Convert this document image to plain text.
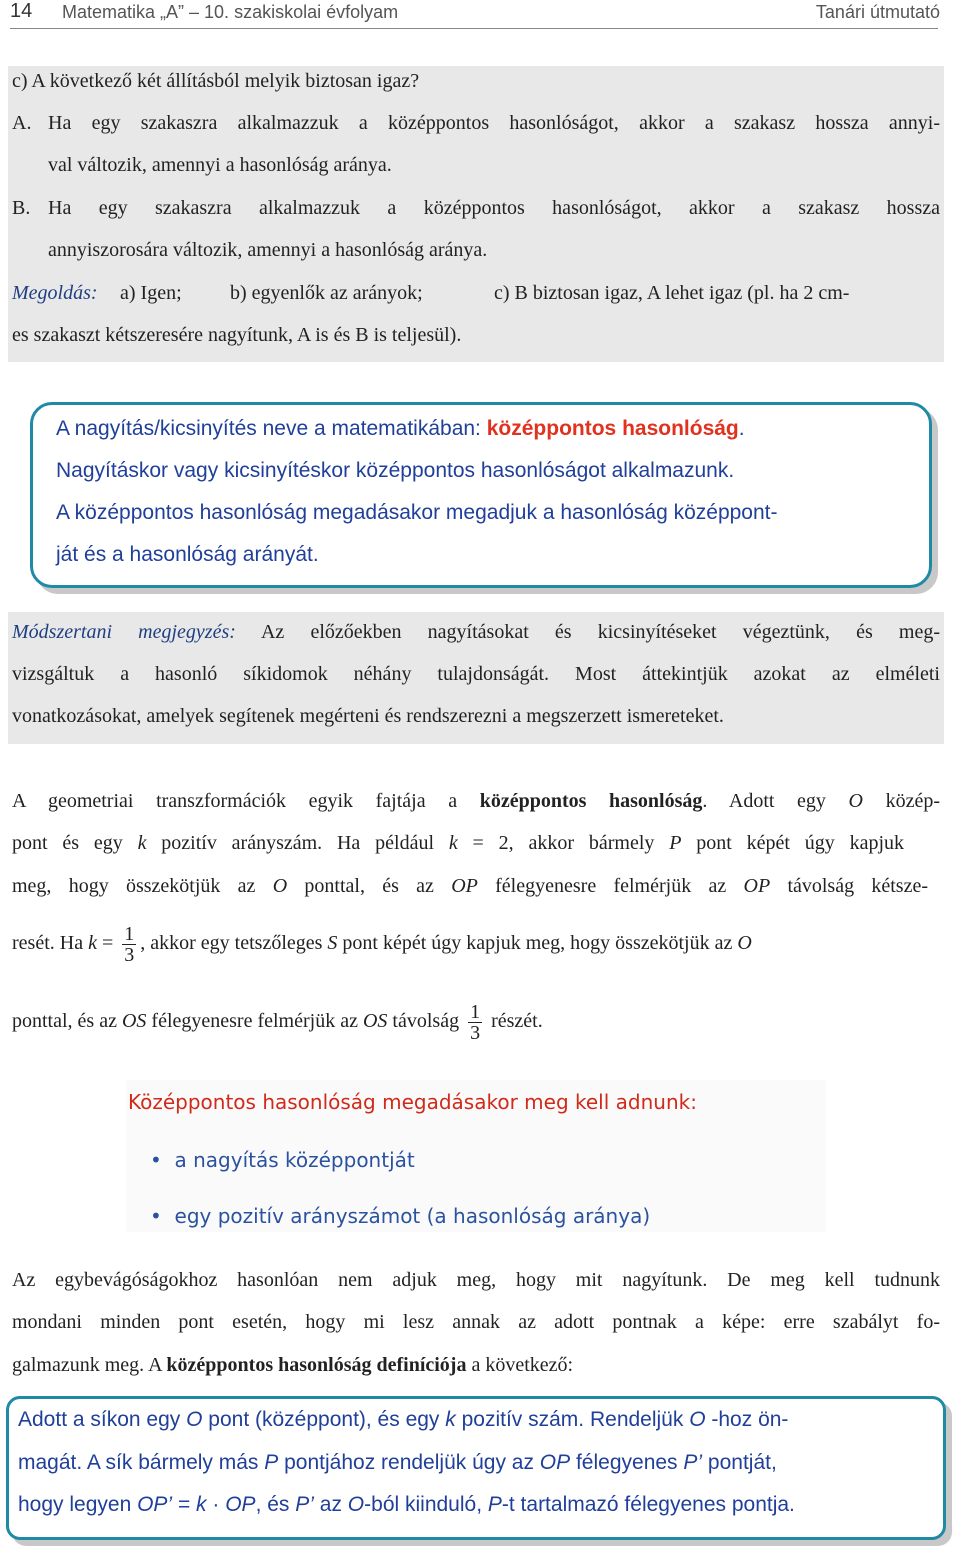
14 Matematika „A” – 10. szakiskolai évfolyam	Tanári útmutató
c) A következő két állításból melyik biztosan igaz?
A. Ha egy szakaszra alkalmazzuk a középpontos hasonlóságot, akkor a szakasz hossza annyi-
val változik, amennyi a hasonlóság aránya.
B. Ha egy szakaszra alkalmazzuk a középpontos hasonlóságot, akkor a szakasz hossza
annyiszorosára változik, amennyi a hasonlóság aránya.
Megoldás: a) Igen; b) egyenlők az arányok;	c) B biztosan igaz, A lehet igaz (pl. ha 2 cm-
es szakaszt kétszeresére nagyítunk, A is és B is teljesül).
A nagyítás/kicsinyítés neve a matematikában: középpontos hasonlóság.
Nagyításkor vagy kicsinyítéskor középpontos hasonlóságot alkalmazunk.
A középpontos hasonlóság megadásakor megadjuk a hasonlóság középpont-
ját és a hasonlóság arányát.
Módszertani megjegyzés: Az előzőekben nagyításokat és kicsinyítéseket végeztünk, és meg-
vizsgáltuk a hasonló síkidomok néhány tulajdonságát. Most áttekintjük azokat az elméleti
vonatkozásokat, amelyek segítenek megérteni és rendszerezni a megszerzett ismereteket.
A geometriai transzformációk egyik fajtája a középpontos hasonlóság. Adott egy O közép-
pont és egy k pozitív arányszám. Ha például k = 2, akkor bármely P pont képét úgy kapjuk
meg, hogy összekötjük az O ponttal, és az OP félegyenesre felmérjük az OP távolság kétsze-
resét. Ha $k = \frac{1}{3}$ , akkor egy tetszőleges S pont képét úgy kapjuk meg, hogy összekötjük az O
ponttal, és az OS félegyenesre felmérjük az OS távolság $\frac{1}{3}$ részét.
Középpontos hasonlóság megadásakor meg kell adnunk:
• a nagyítás középpontját
• egy pozitív arányszámot (a hasonlóság aránya)
Az egybevágóságokhoz hasonlóan nem adjuk meg, hogy mit nagyítunk. De meg kell tudnunk
mondani minden pont esetén, hogy mi lesz annak az adott pontnak a képe: erre szabályt fo-
galmazunk meg. A középpontos hasonlóság definíciója a következő:
Adott a síkon egy O pont (középpont), és egy k pozitív szám. Rendeljük O -hoz ön-
magát. A sík bármely más P pontjához rendeljük úgy az OP félegyenes P’ pontját,
hogy legyen OP’ = k · OP, és P’ az O-ból kiinduló, P-t tartalmazó félegyenes pontja.
